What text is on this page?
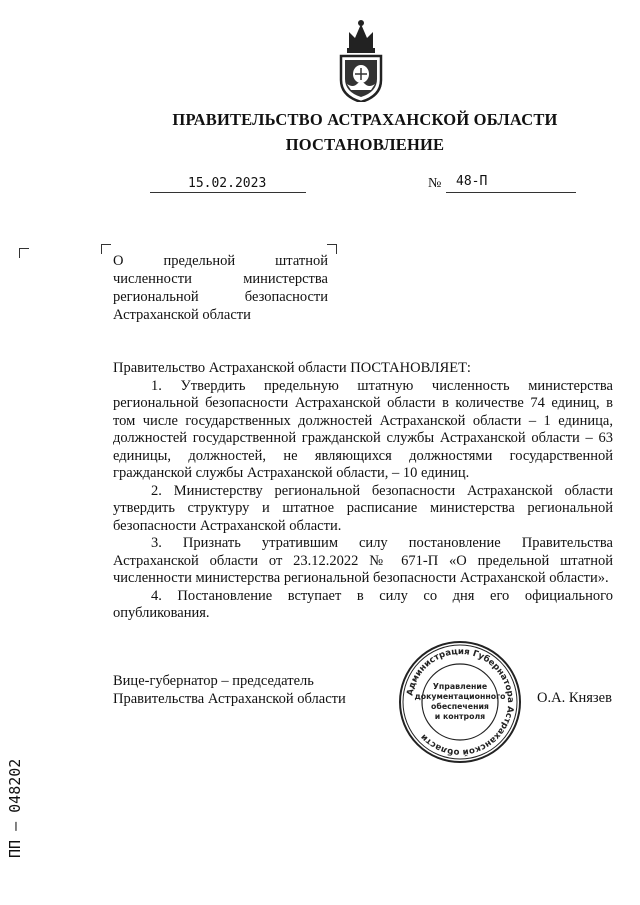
ПРАВИТЕЛЬСТВО АСТРАХАНСКОЙ ОБЛАСТИ
ПОСТАНОВЛЕНИЕ
15.02.2023	№ 48-П
О предельной штатной численности министерства региональной безопасности Астраханской области

Правительство Астраханской области ПОСТАНОВЛЯЕТ:

1. Утвердить предельную штатную численность министерства региональной безопасности Астраханской области в количестве 74 единиц, в том числе государственных должностей Астраханской области – 1 единица, должностей государственной гражданской службы Астраханской области – 63 единицы, должностей, не являющихся должностями государственной гражданской службы Астраханской области, – 10 единиц.

2. Министерству региональной безопасности Астраханской области утвердить структуру и штатное расписание министерства региональной безопасности Астраханской области.

3. Признать утратившим силу постановление Правительства Астраханской области от 23.12.2022 № 671-П «О предельной штатной численности министерства региональной безопасности Астраханской области».

4. Постановление вступает в силу со дня его официального опубликования.

Вице-губернатор – председатель
Правительства Астраханской области	Администрация Губернатора Астраханской области
Управление
документационного
обеспечения
и контроля
О.А. Князев
ПП – 048202
